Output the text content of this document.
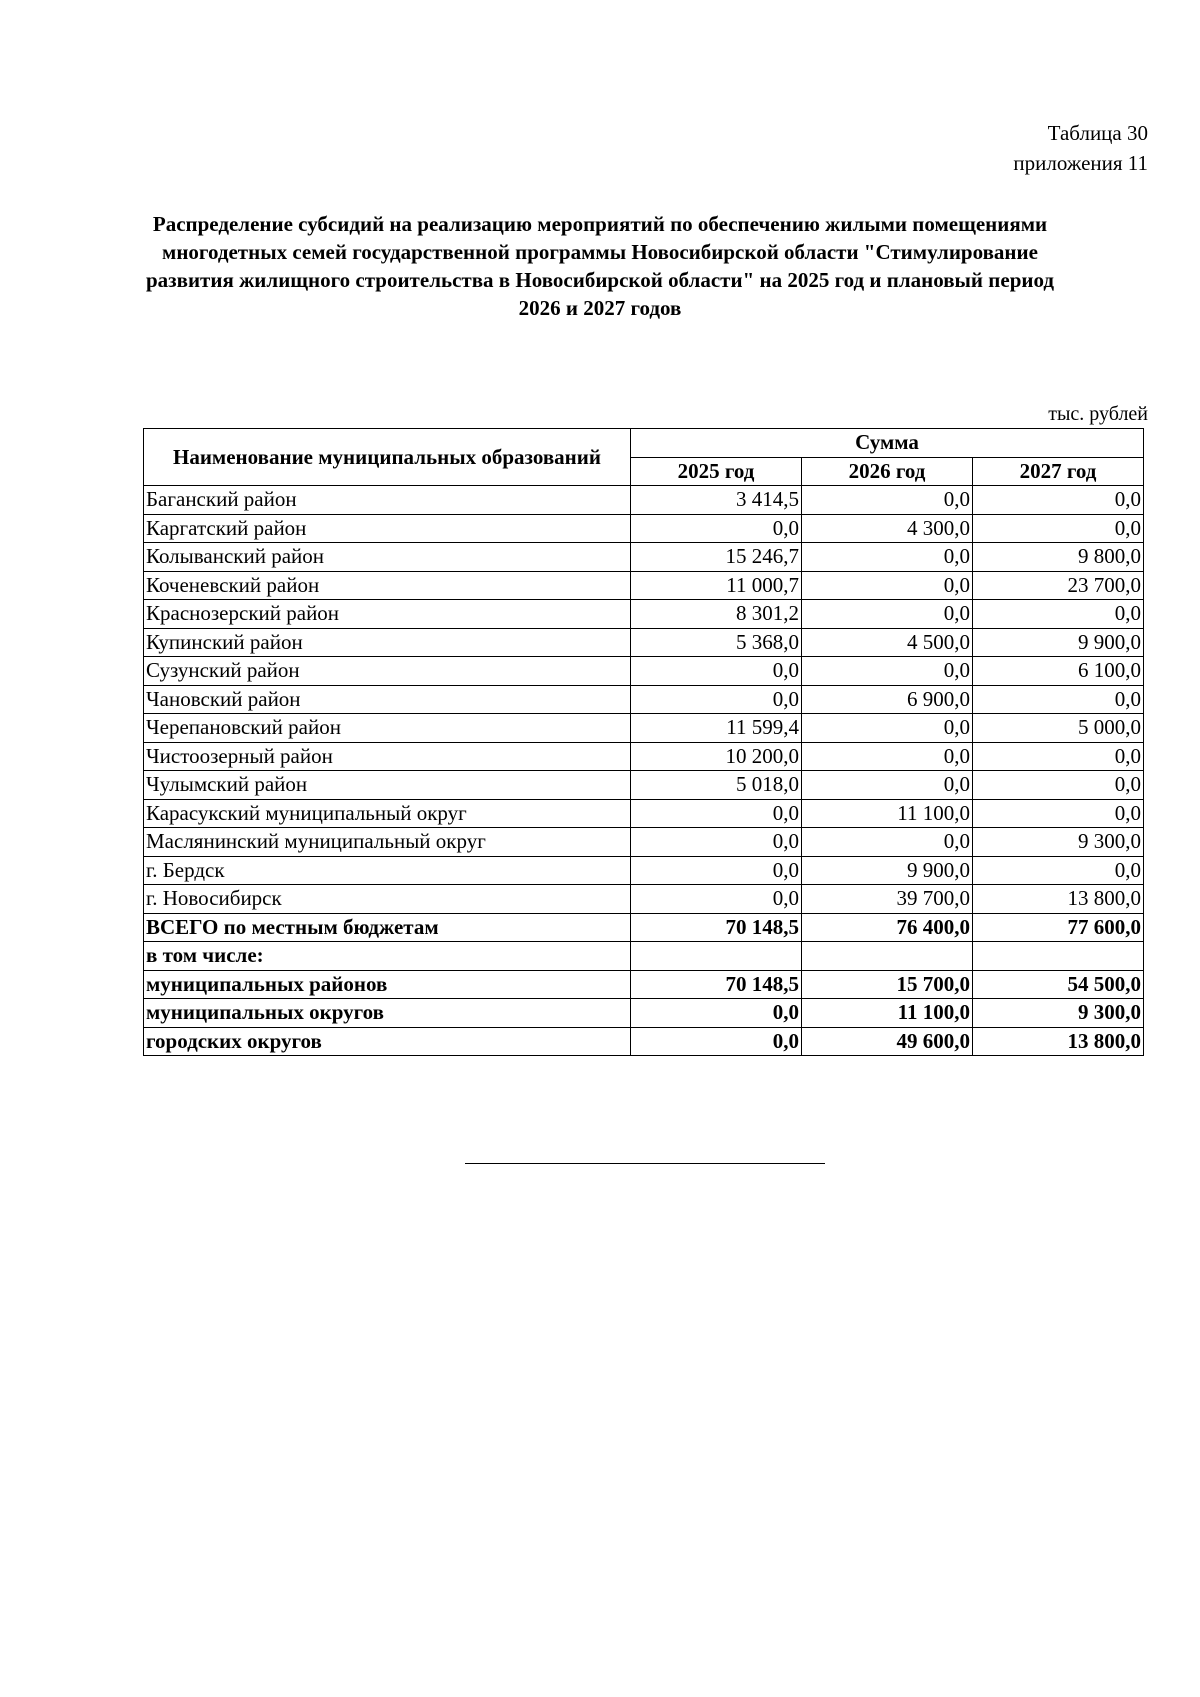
Таблица 30
приложения 11
Распределение субсидий на реализацию мероприятий по обеспечению жилыми помещениями многодетных семей государственной программы Новосибирской области "Стимулирование развития жилищного строительства в Новосибирской области" на 2025 год и плановый период 2026 и 2027 годов
тыс. рублей
Наименование муниципальных образований	Сумма		
	2025 год	2026 год	2027 год
Баганский район	3 414,5	0,0	0,0
Каргатский район	0,0	4 300,0	0,0
Колыванский район	15 246,7	0,0	9 800,0
Коченевский район	11 000,7	0,0	23 700,0
Краснозерский район	8 301,2	0,0	0,0
Купинский район	5 368,0	4 500,0	9 900,0
Сузунский район	0,0	0,0	6 100,0
Чановский район	0,0	6 900,0	0,0
Черепановский район	11 599,4	0,0	5 000,0
Чистоозерный район	10 200,0	0,0	0,0
Чулымский район	5 018,0	0,0	0,0
Карасукский муниципальный округ	0,0	11 100,0	0,0
Маслянинский муниципальный округ	0,0	0,0	9 300,0
г. Бердск	0,0	9 900,0	0,0
г. Новосибирск	0,0	39 700,0	13 800,0
ВСЕГО по местным бюджетам	70 148,5	76 400,0	77 600,0
в том числе:			
муниципальных районов	70 148,5	15 700,0	54 500,0
муниципальных округов	0,0	11 100,0	9 300,0
городских округов	0,0	49 600,0	13 800,0
